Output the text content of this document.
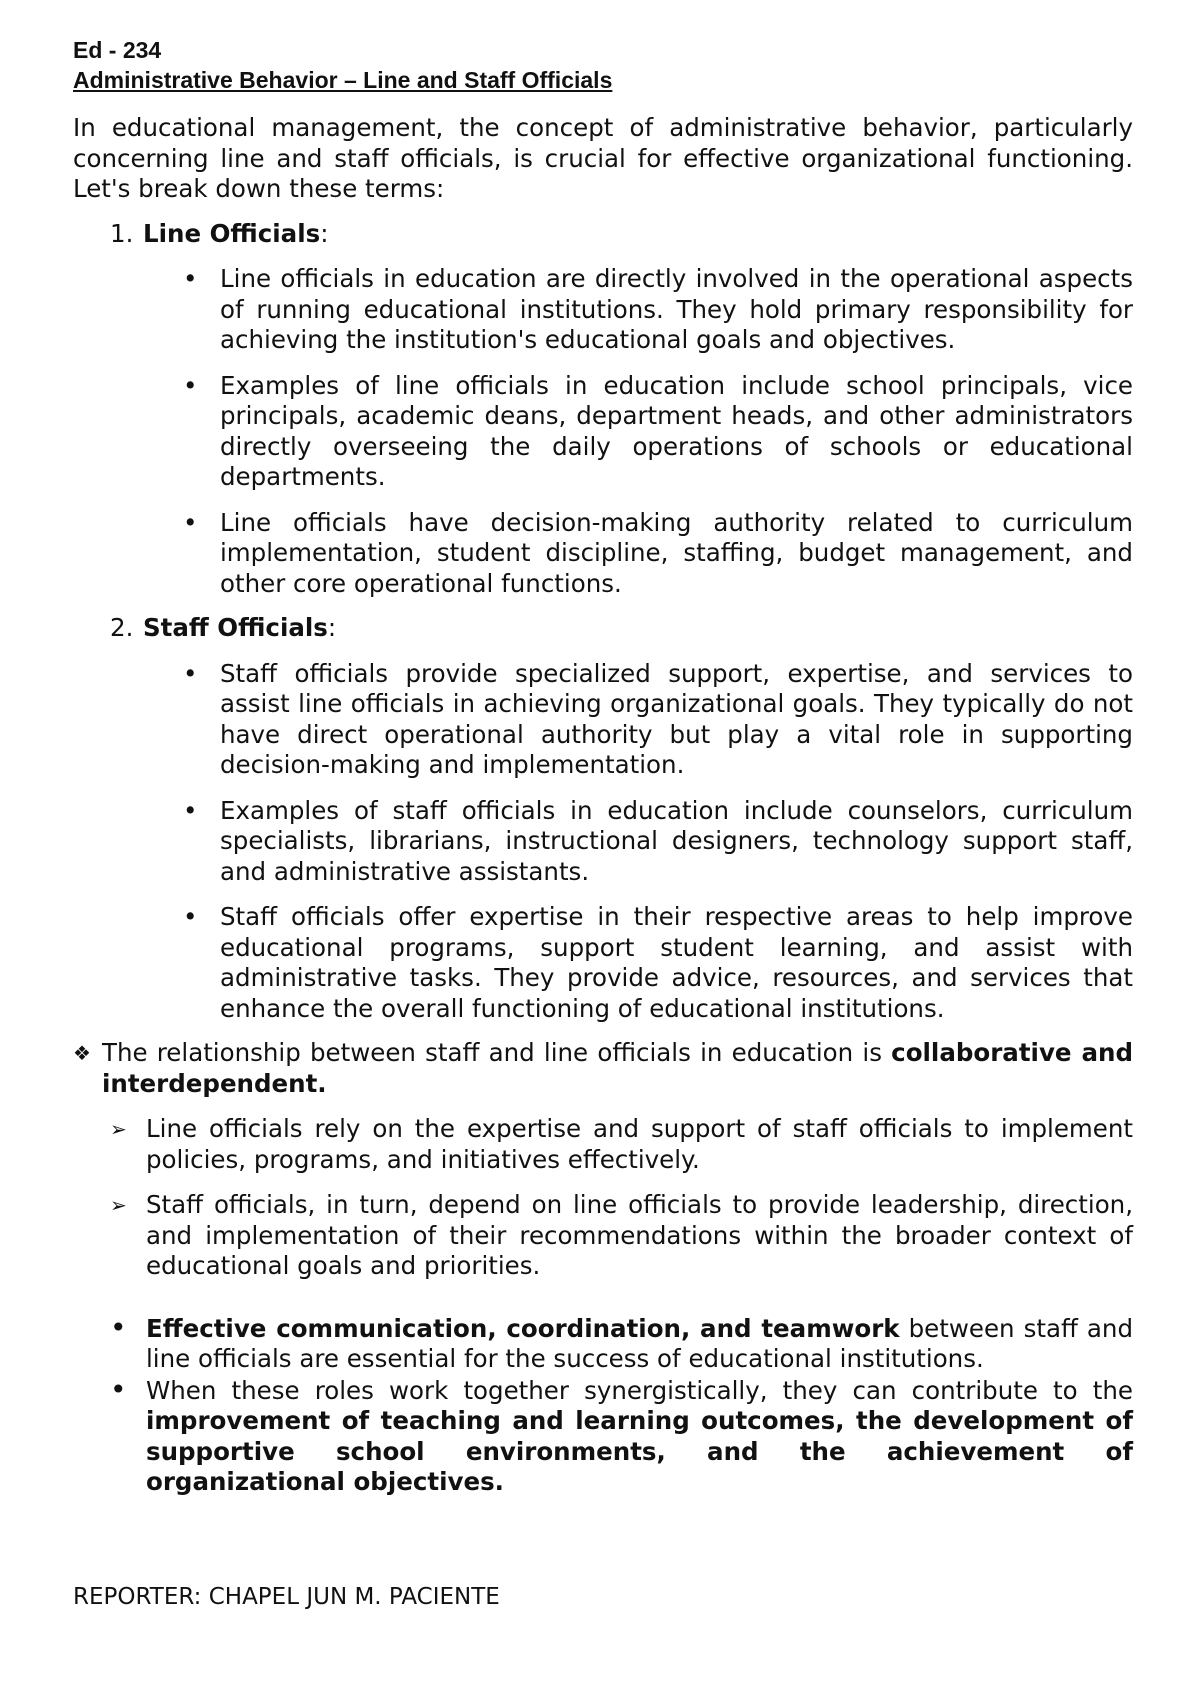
Ed - 234
Administrative Behavior – Line and Staff Officials

In educational management, the concept of administrative behavior, particularly concerning line and staff officials, is crucial for effective organizational functioning. Let's break down these terms:

1. Line Officials:
• Line officials in education are directly involved in the operational aspects of running educational institutions. They hold primary responsibility for achieving the institution's educational goals and objectives.
• Examples of line officials in education include school principals, vice principals, academic deans, department heads, and other administrators directly overseeing the daily operations of schools or educational departments.
• Line officials have decision-making authority related to curriculum implementation, student discipline, staffing, budget management, and other core operational functions.
2. Staff Officials:
• Staff officials provide specialized support, expertise, and services to assist line officials in achieving organizational goals. They typically do not have direct operational authority but play a vital role in supporting decision-making and implementation.
• Examples of staff officials in education include counselors, curriculum specialists, librarians, instructional designers, technology support staff, and administrative assistants.
• Staff officials offer expertise in their respective areas to help improve educational programs, support student learning, and assist with administrative tasks. They provide advice, resources, and services that enhance the overall functioning of educational institutions.
❖ The relationship between staff and line officials in education is collaborative and interdependent.
➢ Line officials rely on the expertise and support of staff officials to implement policies, programs, and initiatives effectively.
➢ Staff officials, in turn, depend on line officials to provide leadership, direction, and implementation of their recommendations within the broader context of educational goals and priorities.
• Effective communication, coordination, and teamwork between staff and line officials are essential for the success of educational institutions.
• When these roles work together synergistically, they can contribute to the improvement of teaching and learning outcomes, the development of supportive school environments, and the achievement of organizational objectives.
REPORTER: CHAPEL JUN M. PACIENTE
